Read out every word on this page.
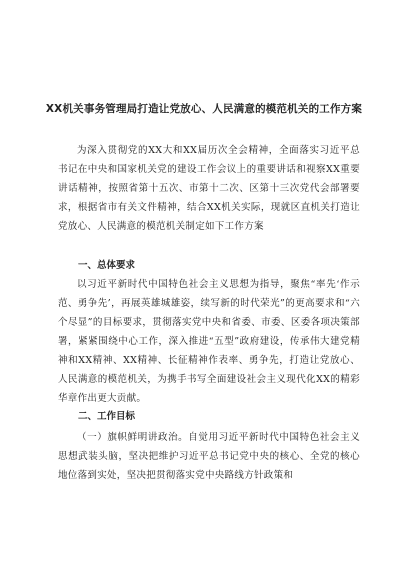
XX机关事务管理局打造让党放心、人民满意的模范机关的工作方案
为深入贯彻党的XX大和XX届历次全会精神，全面落实习近平总书记在中央和国家机关党的建设工作会议上的重要讲话和视察XX重要讲话精神，按照省第十五次、市第十二次、区第十三次党代会部署要求，根据省市有关文件精神，结合XX机关实际，现就区直机关打造让党放心、人民满意的模范机关制定如下工作方案
一、总体要求
以习近平新时代中国特色社会主义思想为指导，聚焦“率先‘作示范、勇争先’，再展英雄城雄姿，续写新的时代荣光”的更高要求和“六个尽显”的目标要求，贯彻落实党中央和省委、市委、区委各项决策部署，紧紧围绕中心工作，深入推进“五型”政府建设，传承伟大建党精神和XX精神、XX精神、长征精神作表率、勇争先，打造让党放心、人民满意的模范机关，为携手书写全面建设社会主义现代化XX的精彩华章作出更大贡献。
二、工作目标
（一）旗帜鲜明讲政治。自觉用习近平新时代中国特色社会主义思想武装头脑，坚决把维护习近平总书记党中央的核心、全党的核心地位落到实处，坚决把贯彻落实党中央路线方针政策和
